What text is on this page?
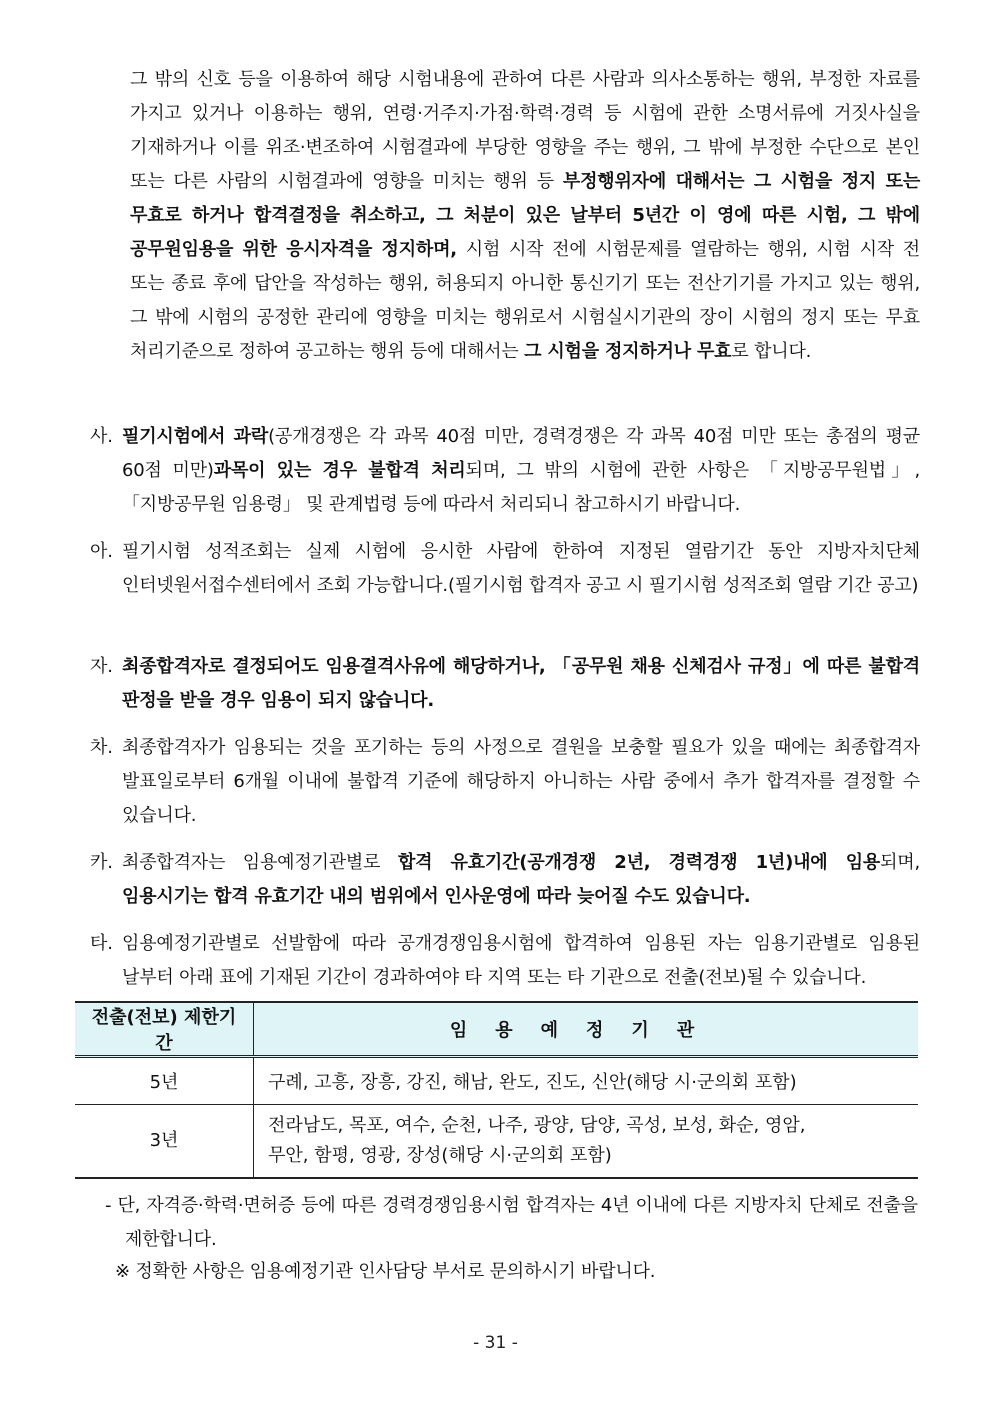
그 밖의 신호 등을 이용하여 해당 시험내용에 관하여 다른 사람과 의사소통하는 행위, 부정한 자료를 가지고 있거나 이용하는 행위, 연령·거주지·가점·학력·경력 등 시험에 관한 소명서류에 거짓사실을 기재하거나 이를 위조·변조하여 시험결과에 부당한 영향을 주는 행위, 그 밖에 부정한 수단으로 본인 또는 다른 사람의 시험결과에 영향을 미치는 행위 등 부정행위자에 대해서는 그 시험을 정지 또는 무효로 하거나 합격결정을 취소하고, 그 처분이 있은 날부터 5년간 이 영에 따른 시험, 그 밖에 공무원임용을 위한 응시자격을 정지하며, 시험 시작 전에 시험문제를 열람하는 행위, 시험 시작 전 또는 종료 후에 답안을 작성하는 행위, 허용되지 아니한 통신기기 또는 전산기기를 가지고 있는 행위, 그 밖에 시험의 공정한 관리에 영향을 미치는 행위로서 시험실시기관의 장이 시험의 정지 또는 무효 처리기준으로 정하여 공고하는 행위 등에 대해서는 그 시험을 정지하거나 무효로 합니다.
사. 필기시험에서 과락(공개경쟁은 각 과목 40점 미만, 경력경쟁은 각 과목 40점 미만 또는 총점의 평균 60점 미만)과목이 있는 경우 불합격 처리되며, 그 밖의 시험에 관한 사항은 「지방공무원법」, 「지방공무원 임용령」 및 관계법령 등에 따라서 처리되니 참고하시기 바랍니다.
아. 필기시험 성적조회는 실제 시험에 응시한 사람에 한하여 지정된 열람기간 동안 지방자치단체 인터넷원서접수센터에서 조회 가능합니다.(필기시험 합격자 공고 시 필기시험 성적조회 열람 기간 공고)
자. 최종합격자로 결정되어도 임용결격사유에 해당하거나, 「공무원 채용 신체검사 규정」에 따른 불합격 판정을 받을 경우 임용이 되지 않습니다.
차. 최종합격자가 임용되는 것을 포기하는 등의 사정으로 결원을 보충할 필요가 있을 때에는 최종합격자 발표일로부터 6개월 이내에 불합격 기준에 해당하지 아니하는 사람 중에서 추가 합격자를 결정할 수 있습니다.
카. 최종합격자는 임용예정기관별로 합격 유효기간(공개경쟁 2년, 경력경쟁 1년)내에 임용되며, 임용시기는 합격 유효기간 내의 범위에서 인사운영에 따라 늦어질 수도 있습니다.
타. 임용예정기관별로 선발함에 따라 공개경쟁임용시험에 합격하여 임용된 자는 임용기관별로 임용된 날부터 아래 표에 기재된 기간이 경과하여야 타 지역 또는 타 기관으로 전출(전보)될 수 있습니다.
전출(전보) 제한기간	임용예정기관
5년	구례, 고흥, 장흥, 강진, 해남, 완도, 진도, 신안(해당 시·군의회 포함)
3년	전라남도, 목포, 여수, 순천, 나주, 광양, 담양, 곡성, 보성, 화순, 영암,
무안, 함평, 영광, 장성(해당 시·군의회 포함)
- 단, 자격증·학력·면허증 등에 따른 경력경쟁임용시험 합격자는 4년 이내에 다른 지방자치 단체로 전출을 제한합니다.
※ 정확한 사항은 임용예정기관 인사담당 부서로 문의하시기 바랍니다.
- 31 -
